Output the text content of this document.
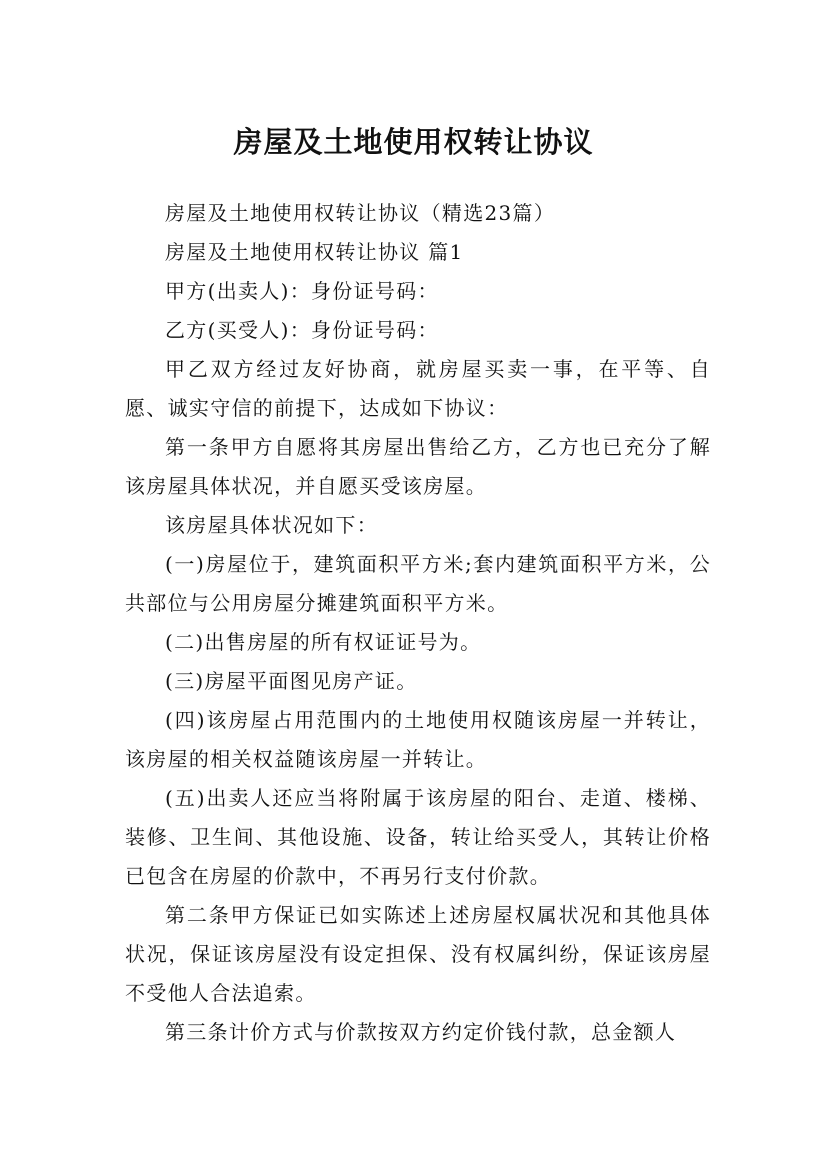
房屋及土地使用权转让协议

房屋及土地使用权转让协议（精选23篇）

房屋及土地使用权转让协议 篇1

甲方(出卖人)：身份证号码：

乙方(买受人)：身份证号码：

甲乙双方经过友好协商，就房屋买卖一事，在平等、自愿、诚实守信的前提下，达成如下协议：

第一条甲方自愿将其房屋出售给乙方，乙方也已充分了解该房屋具体状况，并自愿买受该房屋。

该房屋具体状况如下：

(一)房屋位于，建筑面积平方米;套内建筑面积平方米，公共部位与公用房屋分摊建筑面积平方米。

(二)出售房屋的所有权证证号为。

(三)房屋平面图见房产证。

(四)该房屋占用范围内的土地使用权随该房屋一并转让，该房屋的相关权益随该房屋一并转让。

(五)出卖人还应当将附属于该房屋的阳台、走道、楼梯、装修、卫生间、其他设施、设备，转让给买受人，其转让价格已包含在房屋的价款中，不再另行支付价款。

第二条甲方保证已如实陈述上述房屋权属状况和其他具体状况，保证该房屋没有设定担保、没有权属纠纷，保证该房屋不受他人合法追索。

第三条计价方式与价款按双方约定价钱付款，总金额人
